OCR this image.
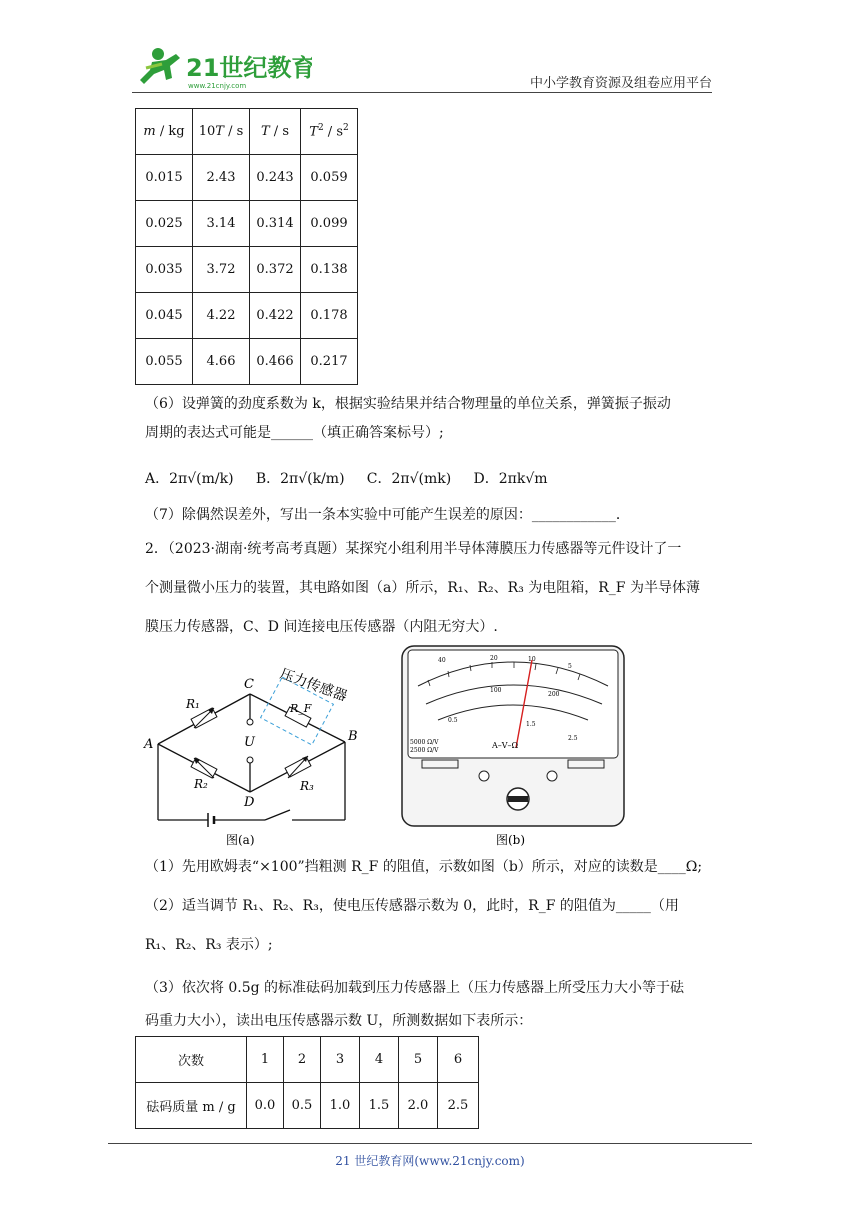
21世纪教育
www.21cnjy.com	中小学教育资源及组卷应用平台
m / kg	10T / s	T / s	$T^2 / s^2$
0.015	2.43	0.243	0.059
0.025	3.14	0.314	0.099
0.035	3.72	0.372	0.138
0.045	4.22	0.422	0.178
0.055	4.66	0.466	0.217
（6）设弹簧的劲度系数为 k，根据实验结果并结合物理量的单位关系，弹簧振子振动
周期的表达式可能是______（填正确答案标号）;
A．2π√(m/k) B．2π√(k/m) C．2π√(mk) D．2πk√m
（7）除偶然误差外，写出一条本实验中可能产生误差的原因：____________．
2．（2023·湖南·统考高考真题）某探究小组利用半导体薄膜压力传感器等元件设计了一
个测量微小压力的装置，其电路如图（a）所示，R₁、R₂、R₃ 为电阻箱，R_F 为半导体薄
膜压力传感器，C、D 间连接电压传感器（内阻无穷大）.
A
B
C
D
U
R₁
R₂	R₃
R_F
压力传感器
图(a)
40	20	10
5
100
200
0.5
1.5
2.5
A–V–Ω
5000 Ω/V
2500 Ω/V
图(b)
（1）先用欧姆表“×100”挡粗测 R_F 的阻值，示数如图（b）所示，对应的读数是____Ω;
（2）适当调节 R₁、R₂、R₃，使电压传感器示数为 0，此时，R_F 的阻值为_____（用
R₁、R₂、R₃ 表示）;
（3）依次将 0.5g 的标准砝码加载到压力传感器上（压力传感器上所受压力大小等于砝
码重力大小），读出电压传感器示数 U，所测数据如下表所示：
次数	1	2	3	4	5	6
砝码质量 m / g	0.0	0.5	1.0	1.5	2.0	2.5
21 世纪教育网(www.21cnjy.com)
